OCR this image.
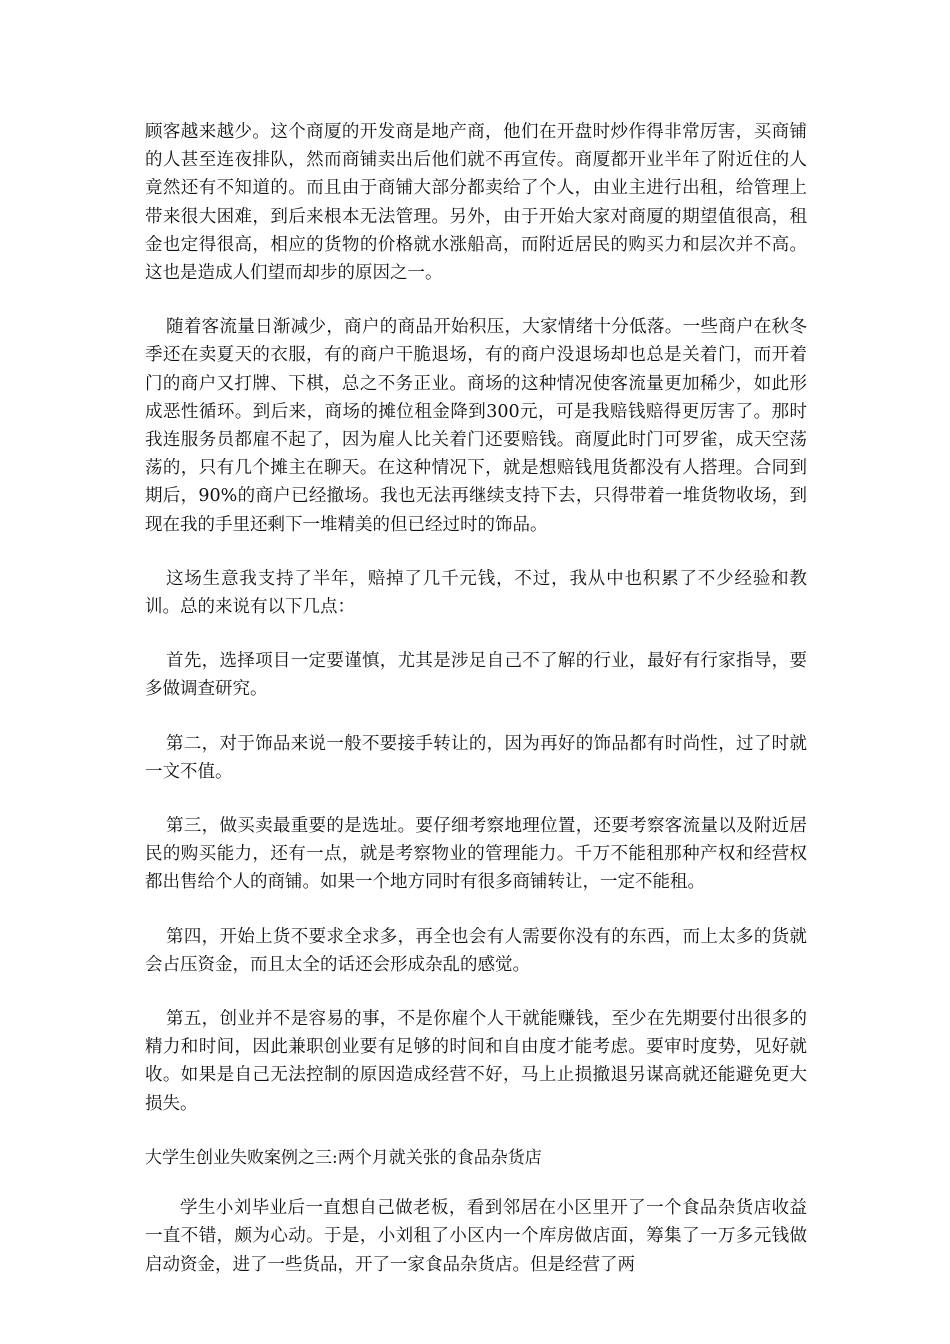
顾客越来越少。这个商厦的开发商是地产商，他们在开盘时炒作得非常厉害，买商铺的人甚至连夜排队，然而商铺卖出后他们就不再宣传。商厦都开业半年了附近住的人竟然还有不知道的。而且由于商铺大部分都卖给了个人，由业主进行出租，给管理上带来很大困难，到后来根本无法管理。另外，由于开始大家对商厦的期望值很高，租金也定得很高，相应的货物的价格就水涨船高，而附近居民的购买力和层次并不高。这也是造成人们望而却步的原因之一。

随着客流量日渐减少，商户的商品开始积压，大家情绪十分低落。一些商户在秋冬季还在卖夏天的衣服，有的商户干脆退场，有的商户没退场却也总是关着门，而开着门的商户又打牌、下棋，总之不务正业。商场的这种情况使客流量更加稀少，如此形成恶性循环。到后来，商场的摊位租金降到300元，可是我赔钱赔得更厉害了。那时我连服务员都雇不起了，因为雇人比关着门还要赔钱。商厦此时门可罗雀，成天空荡荡的，只有几个摊主在聊天。在这种情况下，就是想赔钱甩货都没有人搭理。合同到期后，90%的商户已经撤场。我也无法再继续支持下去，只得带着一堆货物收场，到现在我的手里还剩下一堆精美的但已经过时的饰品。

这场生意我支持了半年，赔掉了几千元钱，不过，我从中也积累了不少经验和教训。总的来说有以下几点：

首先，选择项目一定要谨慎，尤其是涉足自己不了解的行业，最好有行家指导，要多做调查研究。

第二，对于饰品来说一般不要接手转让的，因为再好的饰品都有时尚性，过了时就一文不值。

第三，做买卖最重要的是选址。要仔细考察地理位置，还要考察客流量以及附近居民的购买能力，还有一点，就是考察物业的管理能力。千万不能租那种产权和经营权都出售给个人的商铺。如果一个地方同时有很多商铺转让，一定不能租。

第四，开始上货不要求全求多，再全也会有人需要你没有的东西，而上太多的货就会占压资金，而且太全的话还会形成杂乱的感觉。

第五，创业并不是容易的事，不是你雇个人干就能赚钱，至少在先期要付出很多的精力和时间，因此兼职创业要有足够的时间和自由度才能考虑。要审时度势，见好就收。如果是自己无法控制的原因造成经营不好，马上止损撤退另谋高就还能避免更大损失。

大学生创业失败案例之三:两个月就关张的食品杂货店

学生小刘毕业后一直想自己做老板，看到邻居在小区里开了一个食品杂货店收益一直不错，颇为心动。于是，小刘租了小区内一个库房做店面，筹集了一万多元钱做启动资金，进了一些货品，开了一家食品杂货店。但是经营了两
